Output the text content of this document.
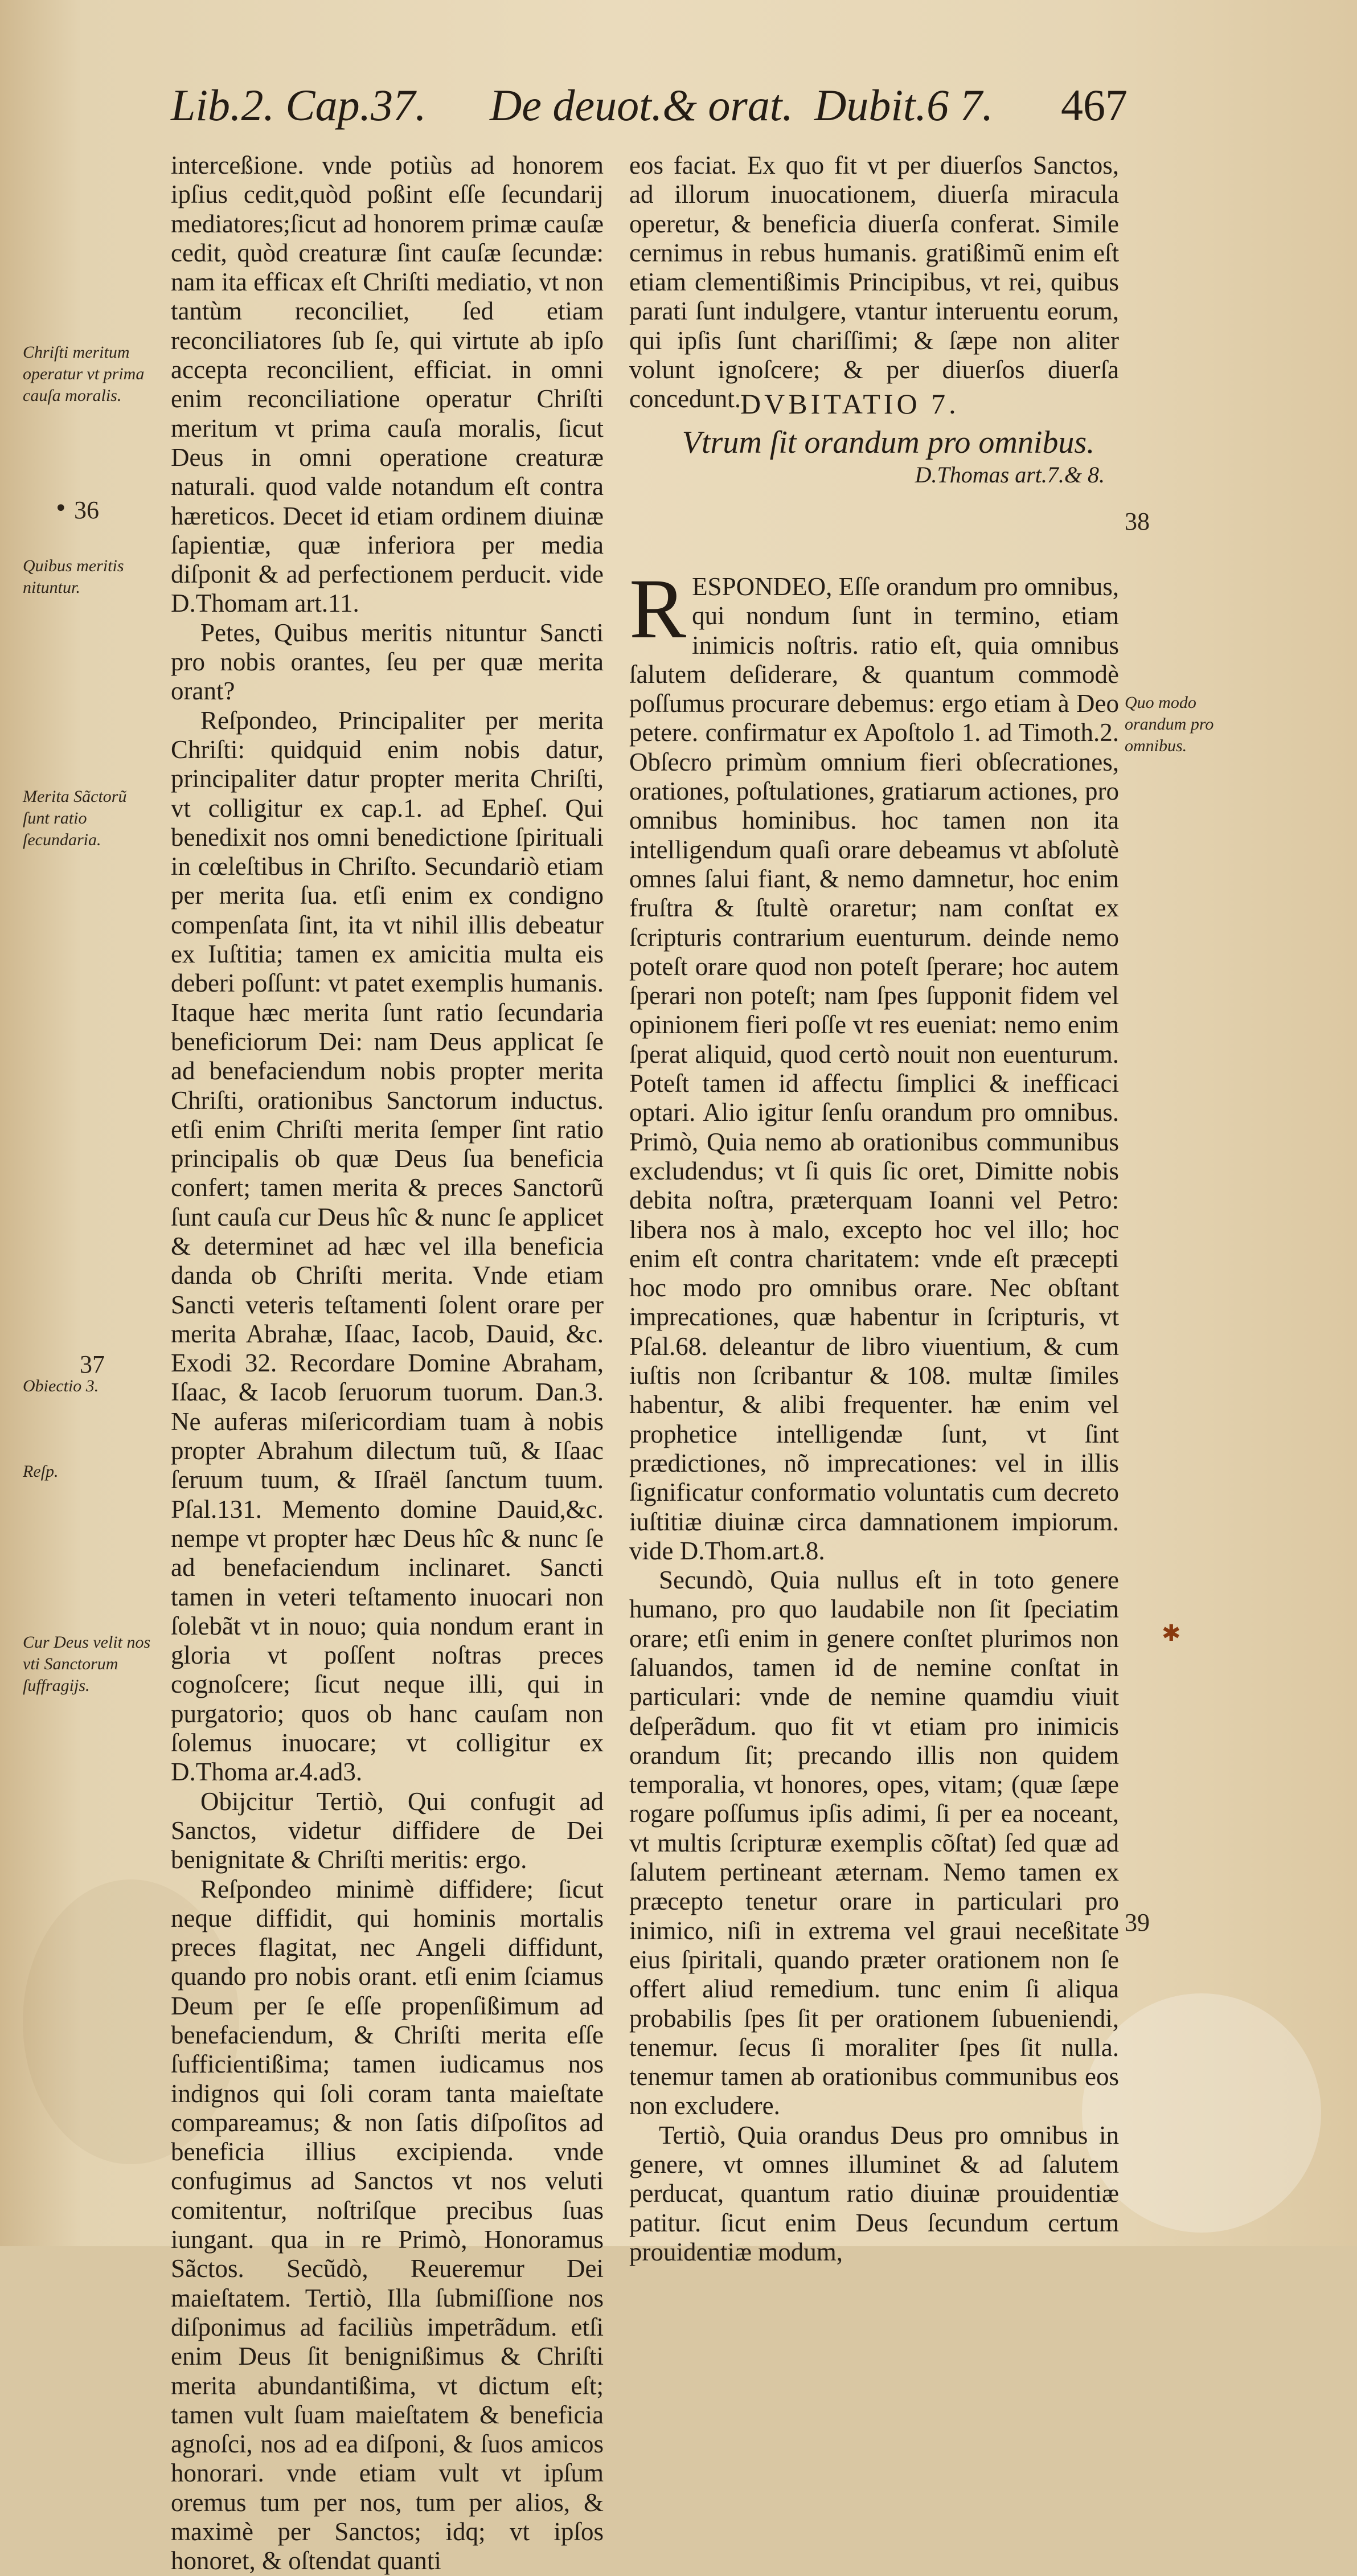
Lib.2. Cap.37. De deuot.& orat. Dubit.6 7. 467

interceßione. vnde potiùs ad honorem ipſius cedit,quòd poßint eſſe ſecundarij mediatores;ſicut ad honorem primæ cauſæ cedit, quòd creaturæ ſint cauſæ ſecundæ: nam ita efficax eſt Chriſti mediatio, vt non tantùm reconciliet, ſed etiam reconciliatores ſub ſe, qui virtute ab ipſo accepta reconcilient, efficiat. in omni enim reconciliatione operatur Chriſti meritum vt prima cauſa moralis, ſicut Deus in omni operatione creaturæ naturali. quod valde notandum eſt contra hæreticos. Decet id etiam ordinem diuinæ ſapientiæ, quæ inferiora per media diſponit & ad perfectionem perducit. vide D.Thomam art.11.

Petes, Quibus meritis nituntur Sancti pro nobis orantes, ſeu per quæ merita orant?

Reſpondeo, Principaliter per merita Chriſti: quidquid enim nobis datur, principaliter datur propter merita Chriſti, vt colligitur ex cap.1. ad Epheſ. Qui benedixit nos omni benedictione ſpirituali in cœleſtibus in Chriſto. Secundariò etiam per merita ſua. etſi enim ex condigno compenſata ſint, ita vt nihil illis debeatur ex Iuſtitia; tamen ex amicitia multa eis deberi poſſunt: vt patet exemplis humanis. Itaque hæc merita ſunt ratio ſecundaria beneficiorum Dei: nam Deus applicat ſe ad benefaciendum nobis propter merita Chriſti, orationibus Sanctorum inductus. etſi enim Chriſti merita ſemper ſint ratio principalis ob quæ Deus ſua beneficia confert; tamen merita & preces Sanctorũ ſunt cauſa cur Deus hîc & nunc ſe applicet & determinet ad hæc vel illa beneficia danda ob Chriſti merita. Vnde etiam Sancti veteris teſtamenti ſolent orare per merita Abrahæ, Iſaac, Iacob, Dauid, &c. Exodi 32. Recordare Domine Abraham, Iſaac, & Iacob ſeruorum tuorum. Dan.3. Ne auferas miſericordiam tuam à nobis propter Abrahum dilectum tuũ, & Iſaac ſeruum tuum, & Iſraël ſanctum tuum. Pſal.131. Memento domine Dauid,&c. nempe vt propter hæc Deus hîc & nunc ſe ad benefaciendum inclinaret. Sancti tamen in veteri teſtamento inuocari non ſolebãt vt in nouo; quia nondum erant in gloria vt poſſent noſtras preces cognoſcere; ſicut neque illi, qui in purgatorio; quos ob hanc cauſam non ſolemus inuocare; vt colligitur ex D.Thoma ar.4.ad3.

Obijcitur Tertiò, Qui confugit ad Sanctos, videtur diffidere de Dei benignitate & Chriſti meritis: ergo.

Reſpondeo minimè diffidere; ſicut neque diffidit, qui hominis mortalis preces flagitat, nec Angeli diffidunt, quando pro nobis orant. etſi enim ſciamus Deum per ſe eſſe propenſißimum ad benefaciendum, & Chriſti merita eſſe ſufficientißima; tamen iudicamus nos indignos qui ſoli coram tanta maieſtate compareamus; & non ſatis diſpoſitos ad beneficia illius excipienda. vnde confugimus ad Sanctos vt nos veluti comitentur, noſtriſque precibus ſuas iungant. qua in re Primò, Honoramus Sãctos. Secũdò, Reueremur Dei maieſtatem. Tertiò, Illa ſubmiſſione nos diſponimus ad faciliùs impetrãdum. etſi enim Deus ſit benignißimus & Chriſti merita abundantißima, vt dictum eſt; tamen vult ſuam maieſtatem & beneficia agnoſci, nos ad ea diſponi, & ſuos amicos honorari. vnde etiam vult vt ipſum oremus tum per nos, tum per alios, & maximè per Sanctos; idq; vt ipſos honoret, & oſtendat quanti

eos faciat. Ex quo fit vt per diuerſos Sanctos, ad illorum inuocationem, diuerſa miracula operetur, & beneficia diuerſa conferat. Simile cernimus in rebus humanis. gratißimũ enim eſt etiam clementißimis Principibus, vt rei, quibus parati ſunt indulgere, vtantur interuentu eorum, qui ipſis ſunt chariſſimi; & ſæpe non aliter volunt ignoſcere; & per diuerſos diuerſa concedunt.

DVBITATIO 7.
Vtrum ſit orandum pro omnibus.
D.Thomas art.7.& 8.

R ESPONDEO, Eſſe orandum pro omnibus, qui nondum ſunt in termino, etiam inimicis noſtris. ratio eſt, quia omnibus ſalutem deſiderare, & quantum commodè poſſumus procurare debemus: ergo etiam à Deo petere. confirmatur ex Apoſtolo 1. ad Timoth.2. Obſecro primùm omnium fieri obſecrationes, orationes, poſtulationes, gratiarum actiones, pro omnibus hominibus. hoc tamen non ita intelligendum quaſi orare debeamus vt abſolutè omnes ſalui fiant, & nemo damnetur, hoc enim fruſtra & ſtultè oraretur; nam conſtat ex ſcripturis contrarium euenturum. deinde nemo poteſt orare quod non poteſt ſperare; hoc autem ſperari non poteſt; nam ſpes ſupponit fidem vel opinionem fieri poſſe vt res eueniat: nemo enim ſperat aliquid, quod certò nouit non euenturum. Poteſt tamen id affectu ſimplici & inefficaci optari. Alio igitur ſenſu orandum pro omnibus. Primò, Quia nemo ab orationibus communibus excludendus; vt ſi quis ſic oret, Dimitte nobis debita noſtra, præterquam Ioanni vel Petro: libera nos à malo, excepto hoc vel illo; hoc enim eſt contra charitatem: vnde eſt præcepti hoc modo pro omnibus orare. Nec obſtant imprecationes, quæ habentur in ſcripturis, vt Pſal.68. deleantur de libro viuentium, & cum iuſtis non ſcribantur & 108. multæ ſimiles habentur, & alibi frequenter. hæ enim vel prophetice intelligendæ ſunt, vt ſint prædictiones, nõ imprecationes: vel in illis ſignificatur conformatio voluntatis cum decreto iuſtitiæ diuinæ circa damnationem impiorum. vide D.Thom.art.8.

Secundò, Quia nullus eſt in toto genere humano, pro quo laudabile non ſit ſpeciatim orare; etſi enim in genere conſtet plurimos non ſaluandos, tamen id de nemine conſtat in particulari: vnde de nemine quamdiu viuit deſperãdum. quo fit vt etiam pro inimicis orandum ſit; precando illis non quidem temporalia, vt honores, opes, vitam; (quæ ſæpe rogare poſſumus ipſis adimi, ſi per ea noceant, vt multis ſcripturæ exemplis cõſtat) ſed quæ ad ſalutem pertineant æternam. Nemo tamen ex præcepto tenetur orare in particulari pro inimico, niſi in extrema vel graui neceßitate eius ſpiritali, quando præter orationem non ſe offert aliud remedium. tunc enim ſi aliqua probabilis ſpes ſit per orationem ſubueniendi, tenemur. ſecus ſi moraliter ſpes ſit nulla. tenemur tamen ab orationibus communibus eos non excludere.

Tertiò, Quia orandus Deus pro omnibus in genere, vt omnes illuminet & ad ſalutem perducat, quantum ratio diuinæ prouidentiæ patitur. ſicut enim Deus ſecundum certum prouidentiæ modum,

Chriſti meritum operatur vt prima cauſa moralis.
36
•
Quibus meritis nituntur.
Merita Sãctorũ ſunt ratio ſecundaria.
37
Obiectio 3.
Reſp.
Cur Deus velit nos vti Sanctorum ſuffragijs.
38
Quo modo orandum pro omnibus.
39
✱
